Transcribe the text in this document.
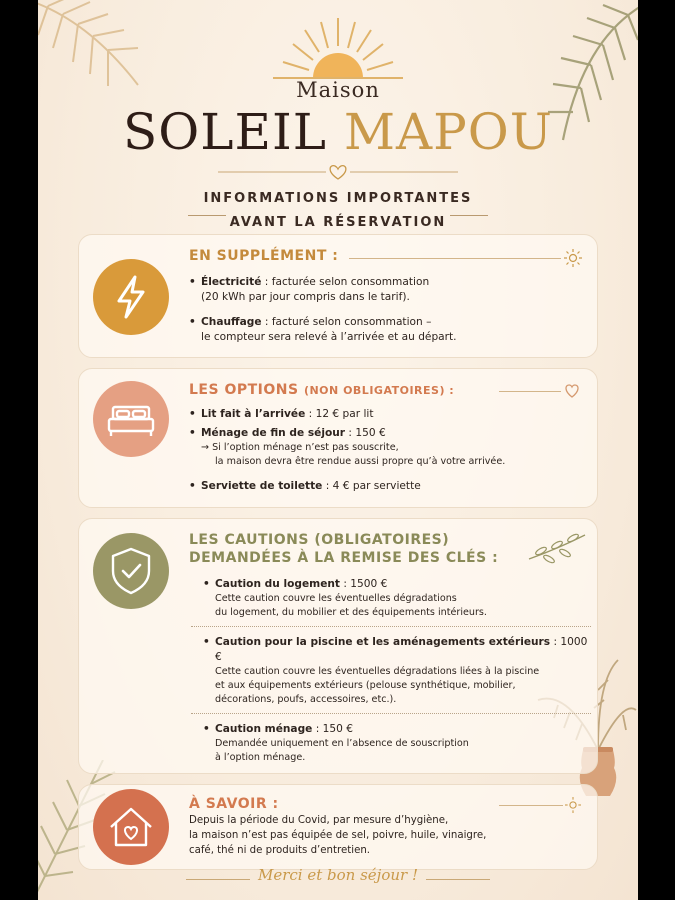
Maison
SOLEIL MAPOU
INFORMATIONS IMPORTANTES
AVANT LA RÉSERVATION
EN SUPPLÉMENT :
• Électricité : facturée selon consommation
(20 kWh par jour compris dans le tarif).
• Chauffage : facturé selon consommation –
le compteur sera relevé à l’arrivée et au départ.
LES OPTIONS (NON OBLIGATOIRES) :
• Lit fait à l’arrivée : 12 € par lit
• Ménage de fin de séjour : 150 €
→ Si l’option ménage n’est pas souscrite,
la maison devra être rendue aussi propre qu’à votre arrivée.
• Serviette de toilette : 4 € par serviette
LES CAUTIONS (OBLIGATOIRES)
DEMANDÉES À LA REMISE DES CLÉS :
• Caution du logement : 1500 €
Cette caution couvre les éventuelles dégradations
du logement, du mobilier et des équipements intérieurs.
• Caution pour la piscine et les aménagements extérieurs : 1000 €
Cette caution couvre les éventuelles dégradations liées à la piscine
et aux équipements extérieurs (pelouse synthétique, mobilier,
décorations, poufs, accessoires, etc.).
• Caution ménage : 150 €
Demandée uniquement en l’absence de souscription
à l’option ménage.
À SAVOIR :
Depuis la période du Covid, par mesure d’hygiène,
la maison n’est pas équipée de sel, poivre, huile, vinaigre,
café, thé ni de produits d’entretien.
Merci et bon séjour !
